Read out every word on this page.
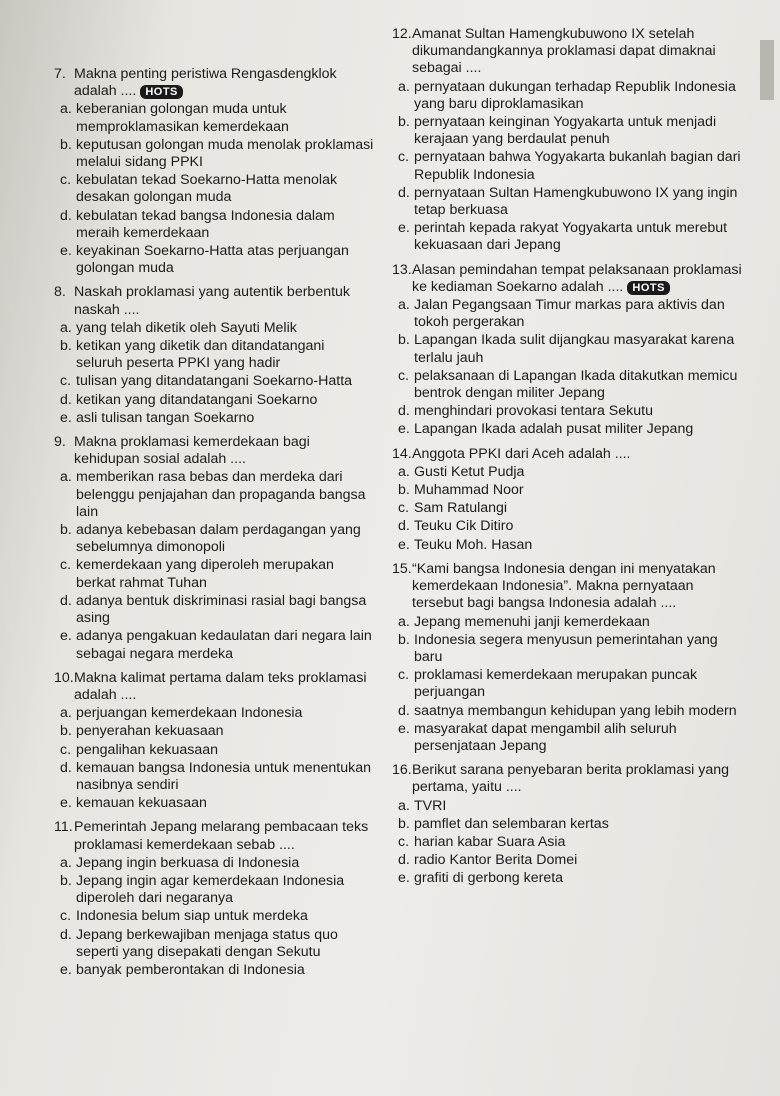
7. Makna penting peristiwa Rengasdengklok adalah .... HOTS
a. keberanian golongan muda untuk memproklamasikan kemerdekaan
b. keputusan golongan muda menolak proklamasi melalui sidang PPKI
c. kebulatan tekad Soekarno-Hatta menolak desakan golongan muda
d. kebulatan tekad bangsa Indonesia dalam meraih kemerdekaan
e. keyakinan Soekarno-Hatta atas perjuangan golongan muda
8. Naskah proklamasi yang autentik berbentuk naskah ....
a. yang telah diketik oleh Sayuti Melik
b. ketikan yang diketik dan ditandatangani seluruh peserta PPKI yang hadir
c. tulisan yang ditandatangani Soekarno-Hatta
d. ketikan yang ditandatangani Soekarno
e. asli tulisan tangan Soekarno
9. Makna proklamasi kemerdekaan bagi kehidupan sosial adalah ....
a. memberikan rasa bebas dan merdeka dari belenggu penjajahan dan propaganda bangsa lain
b. adanya kebebasan dalam perdagangan yang sebelumnya dimonopoli
c. kemerdekaan yang diperoleh merupakan berkat rahmat Tuhan
d. adanya bentuk diskriminasi rasial bagi bangsa asing
e. adanya pengakuan kedaulatan dari negara lain sebagai negara merdeka
10. Makna kalimat pertama dalam teks proklamasi adalah ....
a. perjuangan kemerdekaan Indonesia
b. penyerahan kekuasaan
c. pengalihan kekuasaan
d. kemauan bangsa Indonesia untuk menentukan nasibnya sendiri
e. kemauan kekuasaan
11. Pemerintah Jepang melarang pembacaan teks proklamasi kemerdekaan sebab ....
a. Jepang ingin berkuasa di Indonesia
b. Jepang ingin agar kemerdekaan Indonesia diperoleh dari negaranya
c. Indonesia belum siap untuk merdeka
d. Jepang berkewajiban menjaga status quo seperti yang disepakati dengan Sekutu
e. banyak pemberontakan di Indonesia
12. Amanat Sultan Hamengkubuwono IX setelah dikumandangkannya proklamasi dapat dimaknai sebagai ....
a. pernyataan dukungan terhadap Republik Indonesia yang baru diproklamasikan
b. pernyataan keinginan Yogyakarta untuk menjadi kerajaan yang berdaulat penuh
c. pernyataan bahwa Yogyakarta bukanlah bagian dari Republik Indonesia
d. pernyataan Sultan Hamengkubuwono IX yang ingin tetap berkuasa
e. perintah kepada rakyat Yogyakarta untuk merebut kekuasaan dari Jepang
13. Alasan pemindahan tempat pelaksanaan proklamasi ke kediaman Soekarno adalah .... HOTS
a. Jalan Pegangsaan Timur markas para aktivis dan tokoh pergerakan
b. Lapangan Ikada sulit dijangkau masyarakat karena terlalu jauh
c. pelaksanaan di Lapangan Ikada ditakutkan memicu bentrok dengan militer Jepang
d. menghindari provokasi tentara Sekutu
e. Lapangan Ikada adalah pusat militer Jepang
14. Anggota PPKI dari Aceh adalah ....
a. Gusti Ketut Pudja
b. Muhammad Noor
c. Sam Ratulangi
d. Teuku Cik Ditiro
e. Teuku Moh. Hasan
15. “Kami bangsa Indonesia dengan ini menyatakan kemerdekaan Indonesia”. Makna pernyataan tersebut bagi bangsa Indonesia adalah ....
a. Jepang memenuhi janji kemerdekaan
b. Indonesia segera menyusun pemerintahan yang baru
c. proklamasi kemerdekaan merupakan puncak perjuangan
d. saatnya membangun kehidupan yang lebih modern
e. masyarakat dapat mengambil alih seluruh persenjataan Jepang
16. Berikut sarana penyebaran berita proklamasi yang pertama, yaitu ....
a. TVRI
b. pamflet dan selembaran kertas
c. harian kabar Suara Asia
d. radio Kantor Berita Domei
e. grafiti di gerbong kereta
